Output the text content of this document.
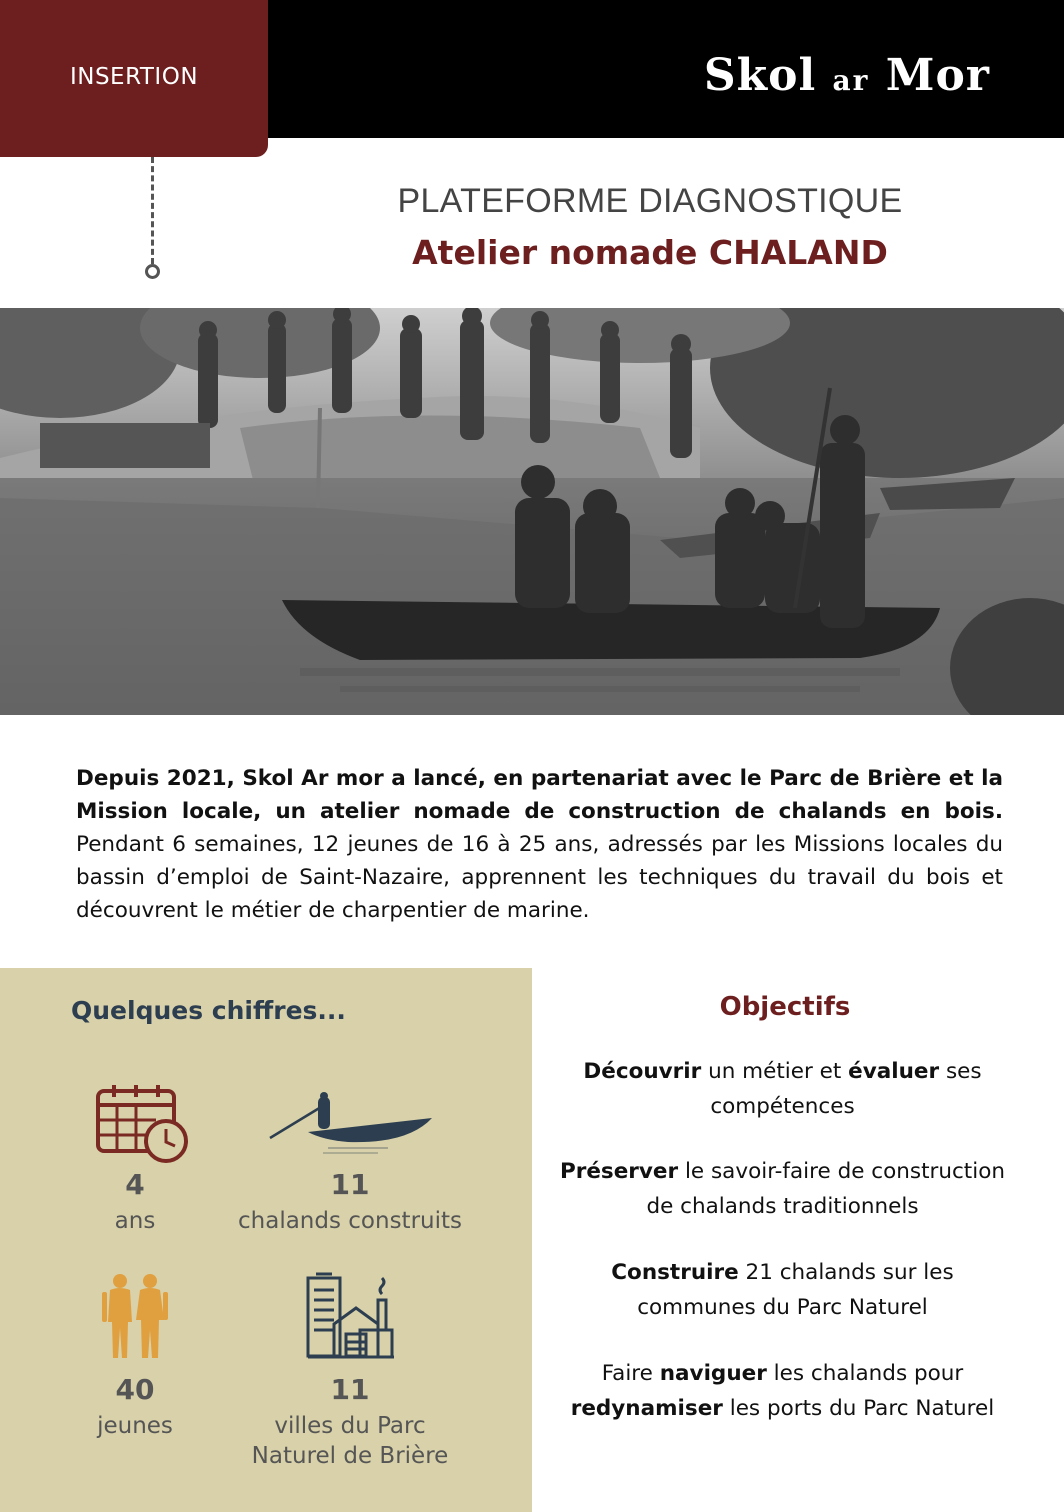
INSERTION	Skol ar Mor
PLATEFORME DIAGNOSTIQUE
Atelier nomade CHALAND
Depuis 2021, Skol Ar mor a lancé, en partenariat avec le Parc de Brière et la Mission locale, un atelier nomade de construction de chalands en bois. Pendant 6 semaines, 12 jeunes de 16 à 25 ans, adressés par les Missions locales du bassin d’emploi de Saint-Nazaire, apprennent les techniques du travail du bois et découvrent le métier de charpentier de marine.
Quelques chiffres...
4
ans
11
chalands construits
40
jeunes
11
villes du Parc
Naturel de Brière
Objectifs
Découvrir un métier et évaluer ses compétences
Préserver le savoir-faire de construction de chalands traditionnels
Construire 21 chalands sur les communes du Parc Naturel
Faire naviguer les chalands pour redynamiser les ports du Parc Naturel
